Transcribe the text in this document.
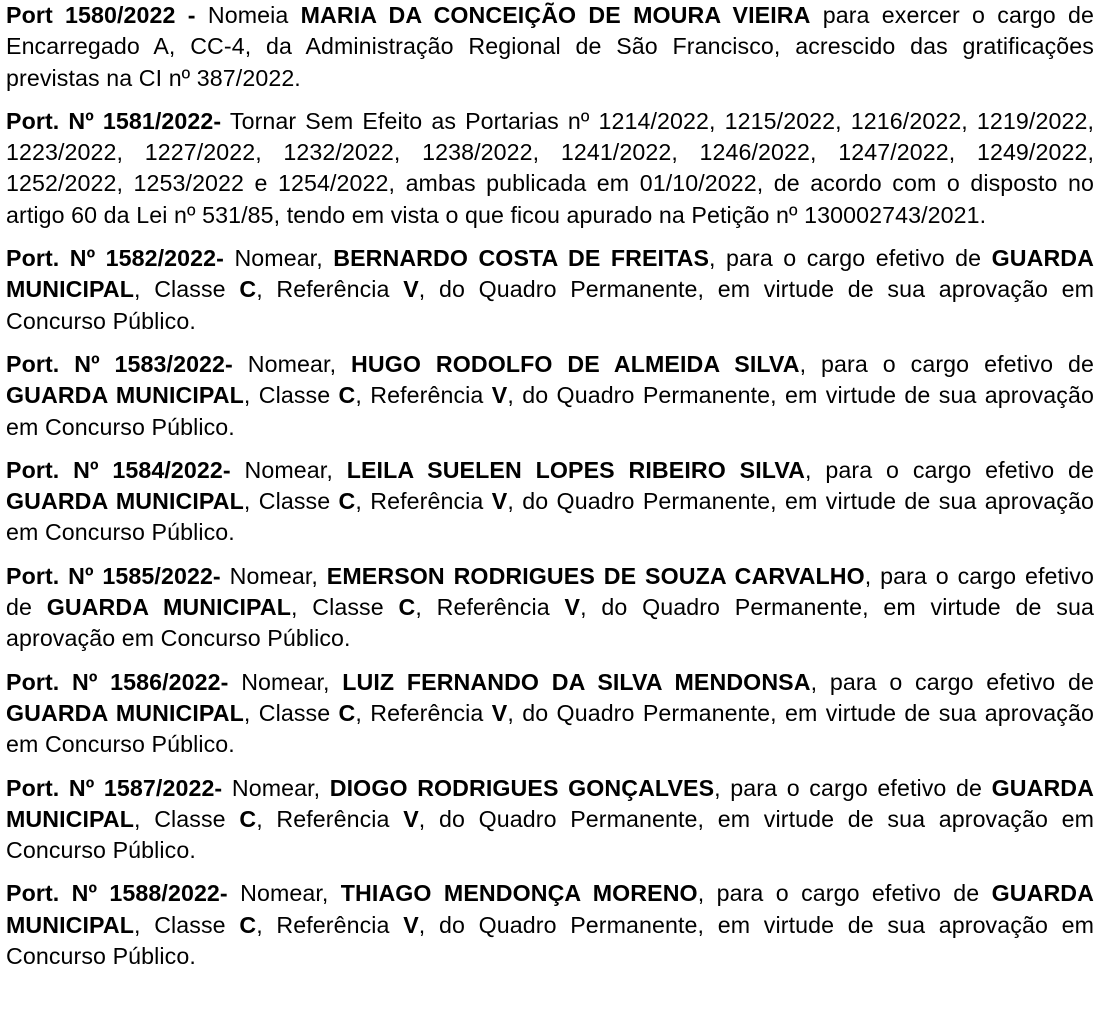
Port 1580/2022 - Nomeia MARIA DA CONCEIÇÃO DE MOURA VIEIRA para exercer o cargo de Encarregado A, CC-4, da Administração Regional de São Francisco, acrescido das gratificações previstas na CI nº 387/2022.

Port. Nº 1581/2022- Tornar Sem Efeito as Portarias nº 1214/2022, 1215/2022, 1216/2022, 1219/2022, 1223/2022, 1227/2022, 1232/2022, 1238/2022, 1241/2022, 1246/2022, 1247/2022, 1249/2022, 1252/2022, 1253/2022 e 1254/2022, ambas publicada em 01/10/2022, de acordo com o disposto no artigo 60 da Lei nº 531/85, tendo em vista o que ficou apurado na Petição nº 130002743/2021.

Port. Nº 1582/2022- Nomear, BERNARDO COSTA DE FREITAS, para o cargo efetivo de GUARDA MUNICIPAL, Classe C, Referência V, do Quadro Permanente, em virtude de sua aprovação em Concurso Público.

Port. Nº 1583/2022- Nomear, HUGO RODOLFO DE ALMEIDA SILVA, para o cargo efetivo de GUARDA MUNICIPAL, Classe C, Referência V, do Quadro Permanente, em virtude de sua aprovação em Concurso Público.

Port. Nº 1584/2022- Nomear, LEILA SUELEN LOPES RIBEIRO SILVA, para o cargo efetivo de GUARDA MUNICIPAL, Classe C, Referência V, do Quadro Permanente, em virtude de sua aprovação em Concurso Público.

Port. Nº 1585/2022- Nomear, EMERSON RODRIGUES DE SOUZA CARVALHO, para o cargo efetivo de GUARDA MUNICIPAL, Classe C, Referência V, do Quadro Permanente, em virtude de sua aprovação em Concurso Público.

Port. Nº 1586/2022- Nomear, LUIZ FERNANDO DA SILVA MENDONSA, para o cargo efetivo de GUARDA MUNICIPAL, Classe C, Referência V, do Quadro Permanente, em virtude de sua aprovação em Concurso Público.

Port. Nº 1587/2022- Nomear, DIOGO RODRIGUES GONÇALVES, para o cargo efetivo de GUARDA MUNICIPAL, Classe C, Referência V, do Quadro Permanente, em virtude de sua aprovação em Concurso Público.

Port. Nº 1588/2022- Nomear, THIAGO MENDONÇA MORENO, para o cargo efetivo de GUARDA MUNICIPAL, Classe C, Referência V, do Quadro Permanente, em virtude de sua aprovação em Concurso Público.
